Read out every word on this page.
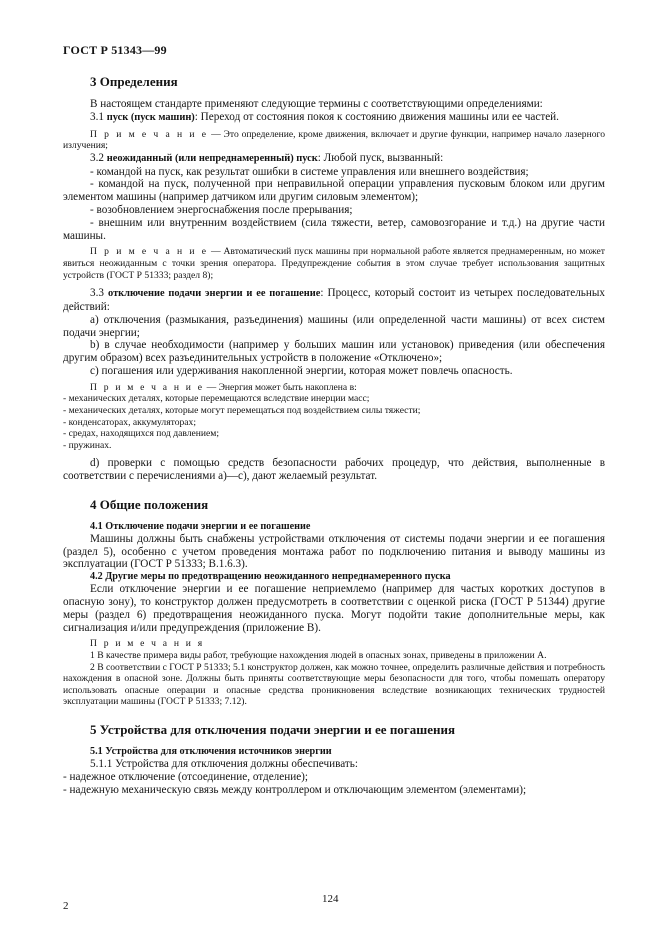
ГОСТ Р 51343—99

3 Определения

В настоящем стандарте применяют следующие термины с соответствующими определениями:

3.1 пуск (пуск машин): Переход от состояния покоя к состоянию движения машины или ее частей.

П р и м е ч а н и е — Это определение, кроме движения, включает и другие функции, например начало лазерного излучения;

3.2 неожиданный (или непреднамеренный) пуск: Любой пуск, вызванный:

- командой на пуск, как результат ошибки в системе управления или внешнего воздействия;

- командой на пуск, полученной при неправильной операции управления пусковым блоком или другим элементом машины (например датчиком или другим силовым элементом);

- возобновлением энергоснабжения после прерывания;

- внешним или внутренним воздействием (сила тяжести, ветер, самовозгорание и т.д.) на другие части машины.

П р и м е ч а н и е — Автоматический пуск машины при нормальной работе является преднамеренным, но может явиться неожиданным с точки зрения оператора. Предупреждение события в этом случае требует использования защитных устройств (ГОСТ Р 51333; раздел 8);

3.3 отключение подачи энергии и ее погашение: Процесс, который состоит из четырех последовательных действий:

a) отключения (размыкания, разъединения) машины (или определенной части машины) от всех систем подачи энергии;

b) в случае необходимости (например у больших машин или установок) приведения (или обеспечения другим образом) всех разъединительных устройств в положение «Отключено»;

c) погашения или удерживания накопленной энергии, которая может повлечь опасность.

П р и м е ч а н и е — Энергия может быть накоплена в:

- механических деталях, которые перемещаются вследствие инерции масс;

- механических деталях, которые могут перемещаться под воздействием силы тяжести;

- конденсаторах, аккумуляторах;

- средах, находящихся под давлением;

- пружинах.

d) проверки с помощью средств безопасности рабочих процедур, что действия, выполненные в соответствии с перечислениями a)—c), дают желаемый результат.

4 Общие положения

4.1 Отключение подачи энергии и ее погашение

Машины должны быть снабжены устройствами отключения от системы подачи энергии и ее погашения (раздел 5), особенно с учетом проведения монтажа работ по подключению питания и выводу машины из эксплуатации (ГОСТ Р 51333; В.1.6.3).

4.2 Другие меры по предотвращению неожиданного непреднамеренного пуска

Если отключение энергии и ее погашение неприемлемо (например для частых коротких доступов в опасную зону), то конструктор должен предусмотреть в соответствии с оценкой риска (ГОСТ Р 51344) другие меры (раздел 6) предотвращения неожиданного пуска. Могут подойти такие дополнительные меры, как сигнализация и/или предупреждения (приложение В).

П р и м е ч а н и я

1 В качестве примера виды работ, требующие нахождения людей в опасных зонах, приведены в приложении А.

2 В соответствии с ГОСТ Р 51333; 5.1 конструктор должен, как можно точнее, определить различные действия и потребность нахождения в опасной зоне. Должны быть приняты соответствующие меры безопасности для того, чтобы помешать оператору использовать опасные операции и опасные средства проникновения вследствие возникающих технических трудностей эксплуатации машины (ГОСТ Р 51333; 7.12).

5 Устройства для отключения подачи энергии и ее погашения

5.1 Устройства для отключения источников энергии

5.1.1 Устройства для отключения должны обеспечивать:

- надежное отключение (отсоединение, отделение);

- надежную механическую связь между контроллером и отключающим элементом (элементами);

2
124
